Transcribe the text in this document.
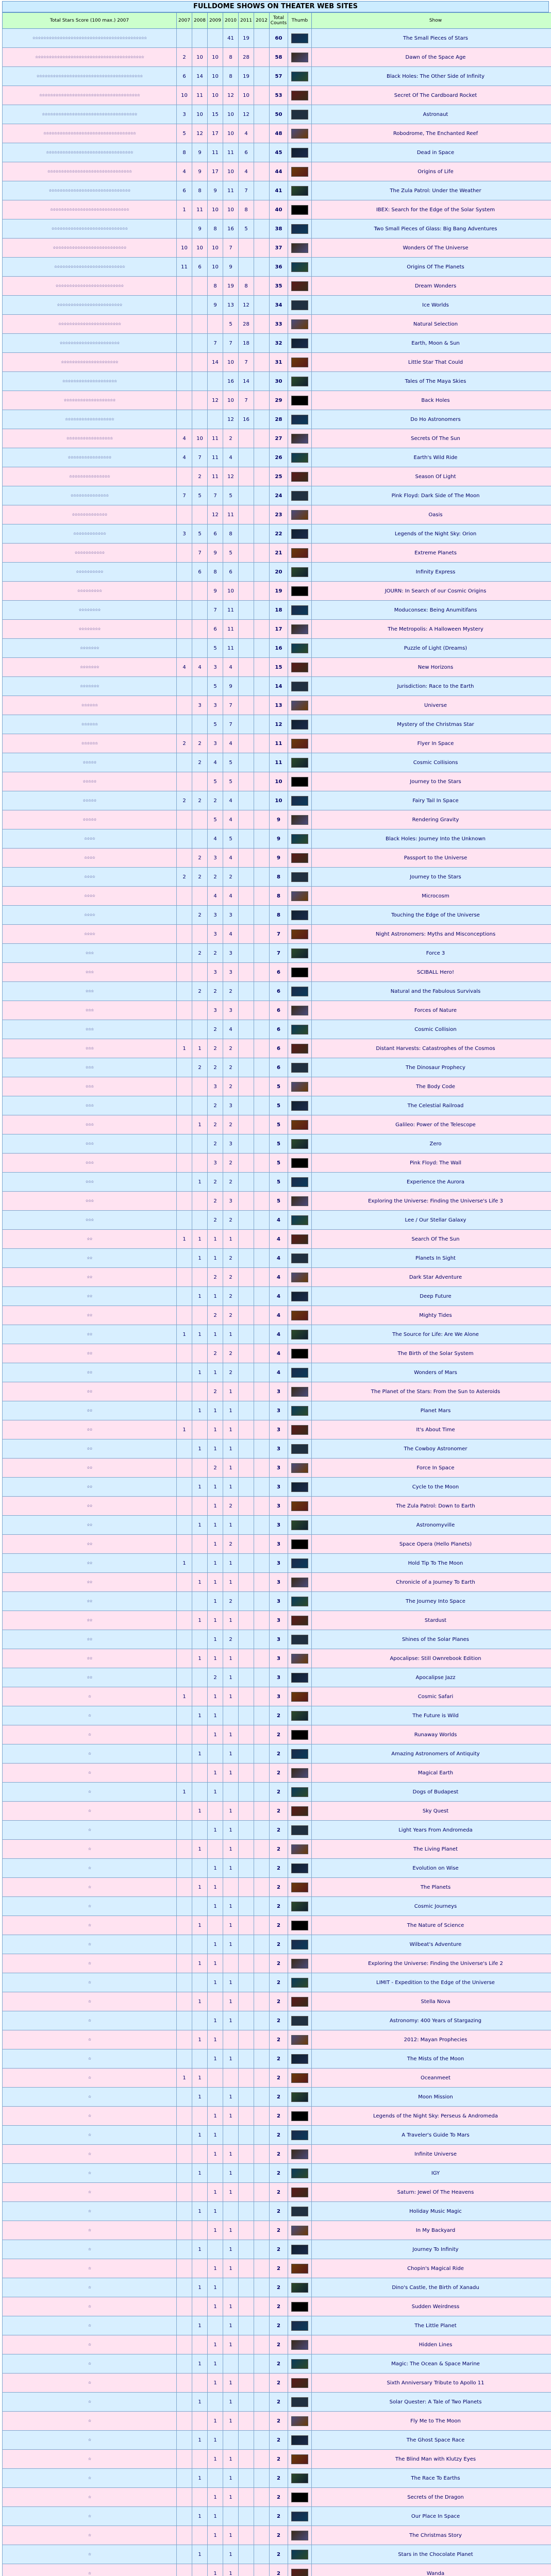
FULLDOME SHOWS ON THEATER WEB SITES
Total Stars Score (100 max.) 2007	2007	2008	2009	2010	2011	2012	Total Counts	Thumb	Show
☆☆☆☆☆☆☆☆☆☆☆☆☆☆☆☆☆☆☆☆☆☆☆☆☆☆☆☆☆☆☆☆☆☆☆☆☆☆☆☆☆☆				41	19		60		The Small Pieces of Stars
☆☆☆☆☆☆☆☆☆☆☆☆☆☆☆☆☆☆☆☆☆☆☆☆☆☆☆☆☆☆☆☆☆☆☆☆☆☆☆☆	2	10	10	8	28		58		Dawn of the Space Age
☆☆☆☆☆☆☆☆☆☆☆☆☆☆☆☆☆☆☆☆☆☆☆☆☆☆☆☆☆☆☆☆☆☆☆☆☆☆☆	6	14	10	8	19		57		Black Holes: The Other Side of Infinity
☆☆☆☆☆☆☆☆☆☆☆☆☆☆☆☆☆☆☆☆☆☆☆☆☆☆☆☆☆☆☆☆☆☆☆☆☆	10	11	10	12	10		53		Secret Of The Cardboard Rocket
☆☆☆☆☆☆☆☆☆☆☆☆☆☆☆☆☆☆☆☆☆☆☆☆☆☆☆☆☆☆☆☆☆☆☆	3	10	15	10	12		50		Astronaut
☆☆☆☆☆☆☆☆☆☆☆☆☆☆☆☆☆☆☆☆☆☆☆☆☆☆☆☆☆☆☆☆☆☆	5	12	17	10	4		48		Robodrome, The Enchanted Reef
☆☆☆☆☆☆☆☆☆☆☆☆☆☆☆☆☆☆☆☆☆☆☆☆☆☆☆☆☆☆☆☆	8	9	11	11	6		45		Dead in Space
☆☆☆☆☆☆☆☆☆☆☆☆☆☆☆☆☆☆☆☆☆☆☆☆☆☆☆☆☆☆☆	4	9	17	10	4		44		Origins of Life
☆☆☆☆☆☆☆☆☆☆☆☆☆☆☆☆☆☆☆☆☆☆☆☆☆☆☆☆☆☆	6	8	9	11	7		41		The Zula Patrol: Under the Weather
☆☆☆☆☆☆☆☆☆☆☆☆☆☆☆☆☆☆☆☆☆☆☆☆☆☆☆☆☆	1	11	10	10	8		40		IBEX: Search for the Edge of the Solar System
☆☆☆☆☆☆☆☆☆☆☆☆☆☆☆☆☆☆☆☆☆☆☆☆☆☆☆☆		9	8	16	5		38		Two Small Pieces of Glass: Big Bang Adventures
☆☆☆☆☆☆☆☆☆☆☆☆☆☆☆☆☆☆☆☆☆☆☆☆☆☆☆	10	10	10	7			37		Wonders Of The Universe
☆☆☆☆☆☆☆☆☆☆☆☆☆☆☆☆☆☆☆☆☆☆☆☆☆☆	11	6	10	9			36		Origins Of The Planets
☆☆☆☆☆☆☆☆☆☆☆☆☆☆☆☆☆☆☆☆☆☆☆☆☆			8	19	8		35		Dream Wonders
☆☆☆☆☆☆☆☆☆☆☆☆☆☆☆☆☆☆☆☆☆☆☆☆			9	13	12		34		Ice Worlds
☆☆☆☆☆☆☆☆☆☆☆☆☆☆☆☆☆☆☆☆☆☆☆				5	28		33		Natural Selection
☆☆☆☆☆☆☆☆☆☆☆☆☆☆☆☆☆☆☆☆☆☆			7	7	18		32		Earth, Moon & Sun
☆☆☆☆☆☆☆☆☆☆☆☆☆☆☆☆☆☆☆☆☆			14	10	7		31		Little Star That Could
☆☆☆☆☆☆☆☆☆☆☆☆☆☆☆☆☆☆☆☆				16	14		30		Tales of The Maya Skies
☆☆☆☆☆☆☆☆☆☆☆☆☆☆☆☆☆☆☆			12	10	7		29		Back Holes
☆☆☆☆☆☆☆☆☆☆☆☆☆☆☆☆☆☆				12	16		28		Do Ho Astronomers
☆☆☆☆☆☆☆☆☆☆☆☆☆☆☆☆☆	4	10	11	2			27		Secrets Of The Sun
☆☆☆☆☆☆☆☆☆☆☆☆☆☆☆☆	4	7	11	4			26		Earth's Wild Ride
☆☆☆☆☆☆☆☆☆☆☆☆☆☆☆		2	11	12			25		Season Of Light
☆☆☆☆☆☆☆☆☆☆☆☆☆☆	7	5	7	5			24		Pink Floyd: Dark Side of The Moon
☆☆☆☆☆☆☆☆☆☆☆☆☆			12	11			23		Oasis
☆☆☆☆☆☆☆☆☆☆☆☆	3	5	6	8			22		Legends of the Night Sky: Orion
☆☆☆☆☆☆☆☆☆☆☆		7	9	5			21		Extreme Planets
☆☆☆☆☆☆☆☆☆☆		6	8	6			20		Infinity Express
☆☆☆☆☆☆☆☆☆			9	10			19		JOURN: In Search of our Cosmic Origins
☆☆☆☆☆☆☆☆			7	11			18		Moduconsex: Being Anumitifans
☆☆☆☆☆☆☆☆			6	11			17		The Metropolis: A Halloween Mystery
☆☆☆☆☆☆☆			5	11			16		Puzzle of Light (Dreams)
☆☆☆☆☆☆☆	4	4	3	4			15		New Horizons
☆☆☆☆☆☆☆			5	9			14		Jurisdiction: Race to the Earth
☆☆☆☆☆☆		3	3	7			13		Universe
☆☆☆☆☆☆			5	7			12		Mystery of the Christmas Star
☆☆☆☆☆☆	2	2	3	4			11		Flyer In Space
☆☆☆☆☆		2	4	5			11		Cosmic Collisions
☆☆☆☆☆			5	5			10		Journey to the Stars
☆☆☆☆☆	2	2	2	4			10		Fairy Tail In Space
☆☆☆☆☆			5	4			9		Rendering Gravity
☆☆☆☆			4	5			9		Black Holes: Journey Into the Unknown
☆☆☆☆		2	3	4			9		Passport to the Universe
☆☆☆☆	2	2	2	2			8		Journey to the Stars
☆☆☆☆			4	4			8		Microcosm
☆☆☆☆		2	3	3			8		Touching the Edge of the Universe
☆☆☆☆			3	4			7		Night Astronomers: Myths and Misconceptions
☆☆☆		2	2	3			7		Force 3
☆☆☆			3	3			6		SCIBALL Hero!
☆☆☆		2	2	2			6		Natural and the Fabulous Survivals
☆☆☆			3	3			6		Forces of Nature
☆☆☆			2	4			6		Cosmic Collision
☆☆☆	1	1	2	2			6		Distant Harvests: Catastrophes of the Cosmos
☆☆☆		2	2	2			6		The Dinosaur Prophecy
☆☆☆			3	2			5		The Body Code
☆☆☆			2	3			5		The Celestial Railroad
☆☆☆		1	2	2			5		Galileo: Power of the Telescope
☆☆☆			2	3			5		Zero
☆☆☆			3	2			5		Pink Floyd: The Wall
☆☆☆		1	2	2			5		Experience the Aurora
☆☆☆			2	3			5		Exploring the Universe: Finding the Universe's Life 3
☆☆☆			2	2			4		Lee / Our Stellar Galaxy
☆☆	1	1	1	1			4		Search Of The Sun
☆☆		1	1	2			4		Planets In Sight
☆☆			2	2			4		Dark Star Adventure
☆☆		1	1	2			4		Deep Future
☆☆			2	2			4		Mighty Tides
☆☆	1	1	1	1			4		The Source for Life: Are We Alone
☆☆			2	2			4		The Birth of the Solar System
☆☆		1	1	2			4		Wonders of Mars
☆☆			2	1			3		The Planet of the Stars: From the Sun to Asteroids
☆☆		1	1	1			3		Planet Mars
☆☆	1		1	1			3		It's About Time
☆☆		1	1	1			3		The Cowboy Astronomer
☆☆			2	1			3		Force In Space
☆☆		1	1	1			3		Cycle to the Moon
☆☆			1	2			3		The Zula Patrol: Down to Earth
☆☆		1	1	1			3		Astronomyville
☆☆			1	2			3		Space Opera (Hello Planets)
☆☆	1		1	1			3		Hold Tip To The Moon
☆☆		1	1	1			3		Chronicle of a Journey To Earth
☆☆			1	2			3		The Journey Into Space
☆☆		1	1	1			3		Stardust
☆☆			1	2			3		Shines of the Solar Planes
☆☆		1	1	1			3		Apocalipse: Still Ownrebook Edition
☆☆			2	1			3		Apocalipse Jazz
☆	1		1	1			3		Cosmic Safari
☆		1	1				2		The Future is Wild
☆			1	1			2		Runaway Worlds
☆		1		1			2		Amazing Astronomers of Antiquity
☆			1	1			2		Magical Earth
☆	1		1				2		Dogs of Budapest
☆		1		1			2		Sky Quest
☆			1	1			2		Light Years From Andromeda
☆		1		1			2		The Living Planet
☆			1	1			2		Evolution on Wise
☆		1	1				2		The Planets
☆			1	1			2		Cosmic Journeys
☆		1		1			2		The Nature of Science
☆			1	1			2		Wilbeat's Adventure
☆		1	1				2		Exploring the Universe: Finding the Universe's Life 2
☆			1	1			2		LIMIT - Expedition to the Edge of the Universe
☆		1		1			2		Stella Nova
☆			1	1			2		Astronomy: 400 Years of Stargazing
☆		1	1				2		2012: Mayan Prophecies
☆			1	1			2		The Mists of the Moon
☆	1	1					2		Oceanmeet
☆		1		1			2		Moon Mission
☆			1	1			2		Legends of the Night Sky: Perseus & Andromeda
☆		1	1				2		A Traveler's Guide To Mars
☆			1	1			2		Infinite Universe
☆		1		1			2		IGY
☆			1	1			2		Saturn: Jewel Of The Heavens
☆		1	1				2		Holiday Music Magic
☆			1	1			2		In My Backyard
☆		1		1			2		Journey To Infinity
☆			1	1			2		Chopin's Magical Ride
☆		1	1				2		Dino's Castle, the Birth of Xanadu
☆			1	1			2		Sudden Weirdness
☆		1		1			2		The Little Planet
☆			1	1			2		Hidden Lines
☆		1	1				2		Magic: The Ocean & Space Marine
☆			1	1			2		Sixth Anniversary Tribute to Apollo 11
☆		1		1			2		Solar Quester: A Tale of Two Planets
☆			1	1			2		Fly Me to The Moon
☆		1	1				2		The Ghost Space Race
☆			1	1			2		The Blind Man with Klutzy Eyes
☆		1		1			2		The Race To Earths
☆			1	1			2		Secrets of the Dragon
☆		1	1				2		Our Place In Space
☆			1	1			2		The Christmas Story
☆		1		1			2		Stars in the Chocolate Planet
☆			1	1			2		Wanda
